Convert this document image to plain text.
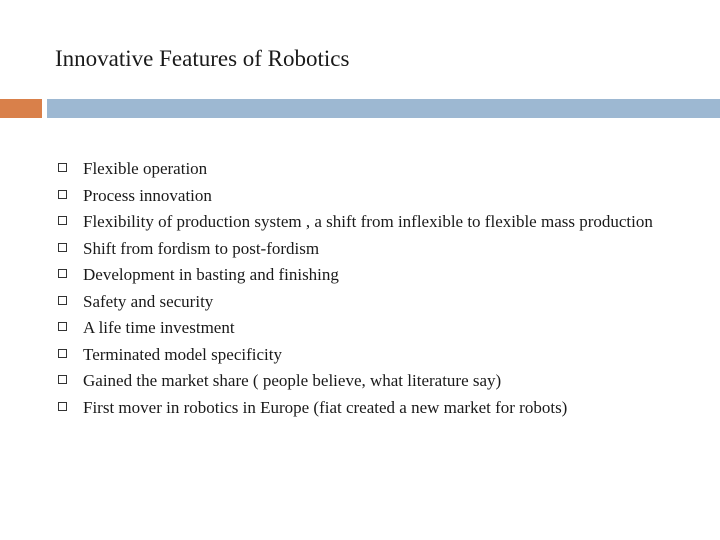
Innovative Features of Robotics
Flexible operation
Process innovation
Flexibility of production system , a shift from inflexible to flexible mass production
Shift from fordism to post-fordism
Development in basting and finishing
Safety and security
A life time investment
Terminated model specificity
Gained the market share ( people believe, what literature say)
First mover in robotics in Europe (fiat created a new market for robots)
